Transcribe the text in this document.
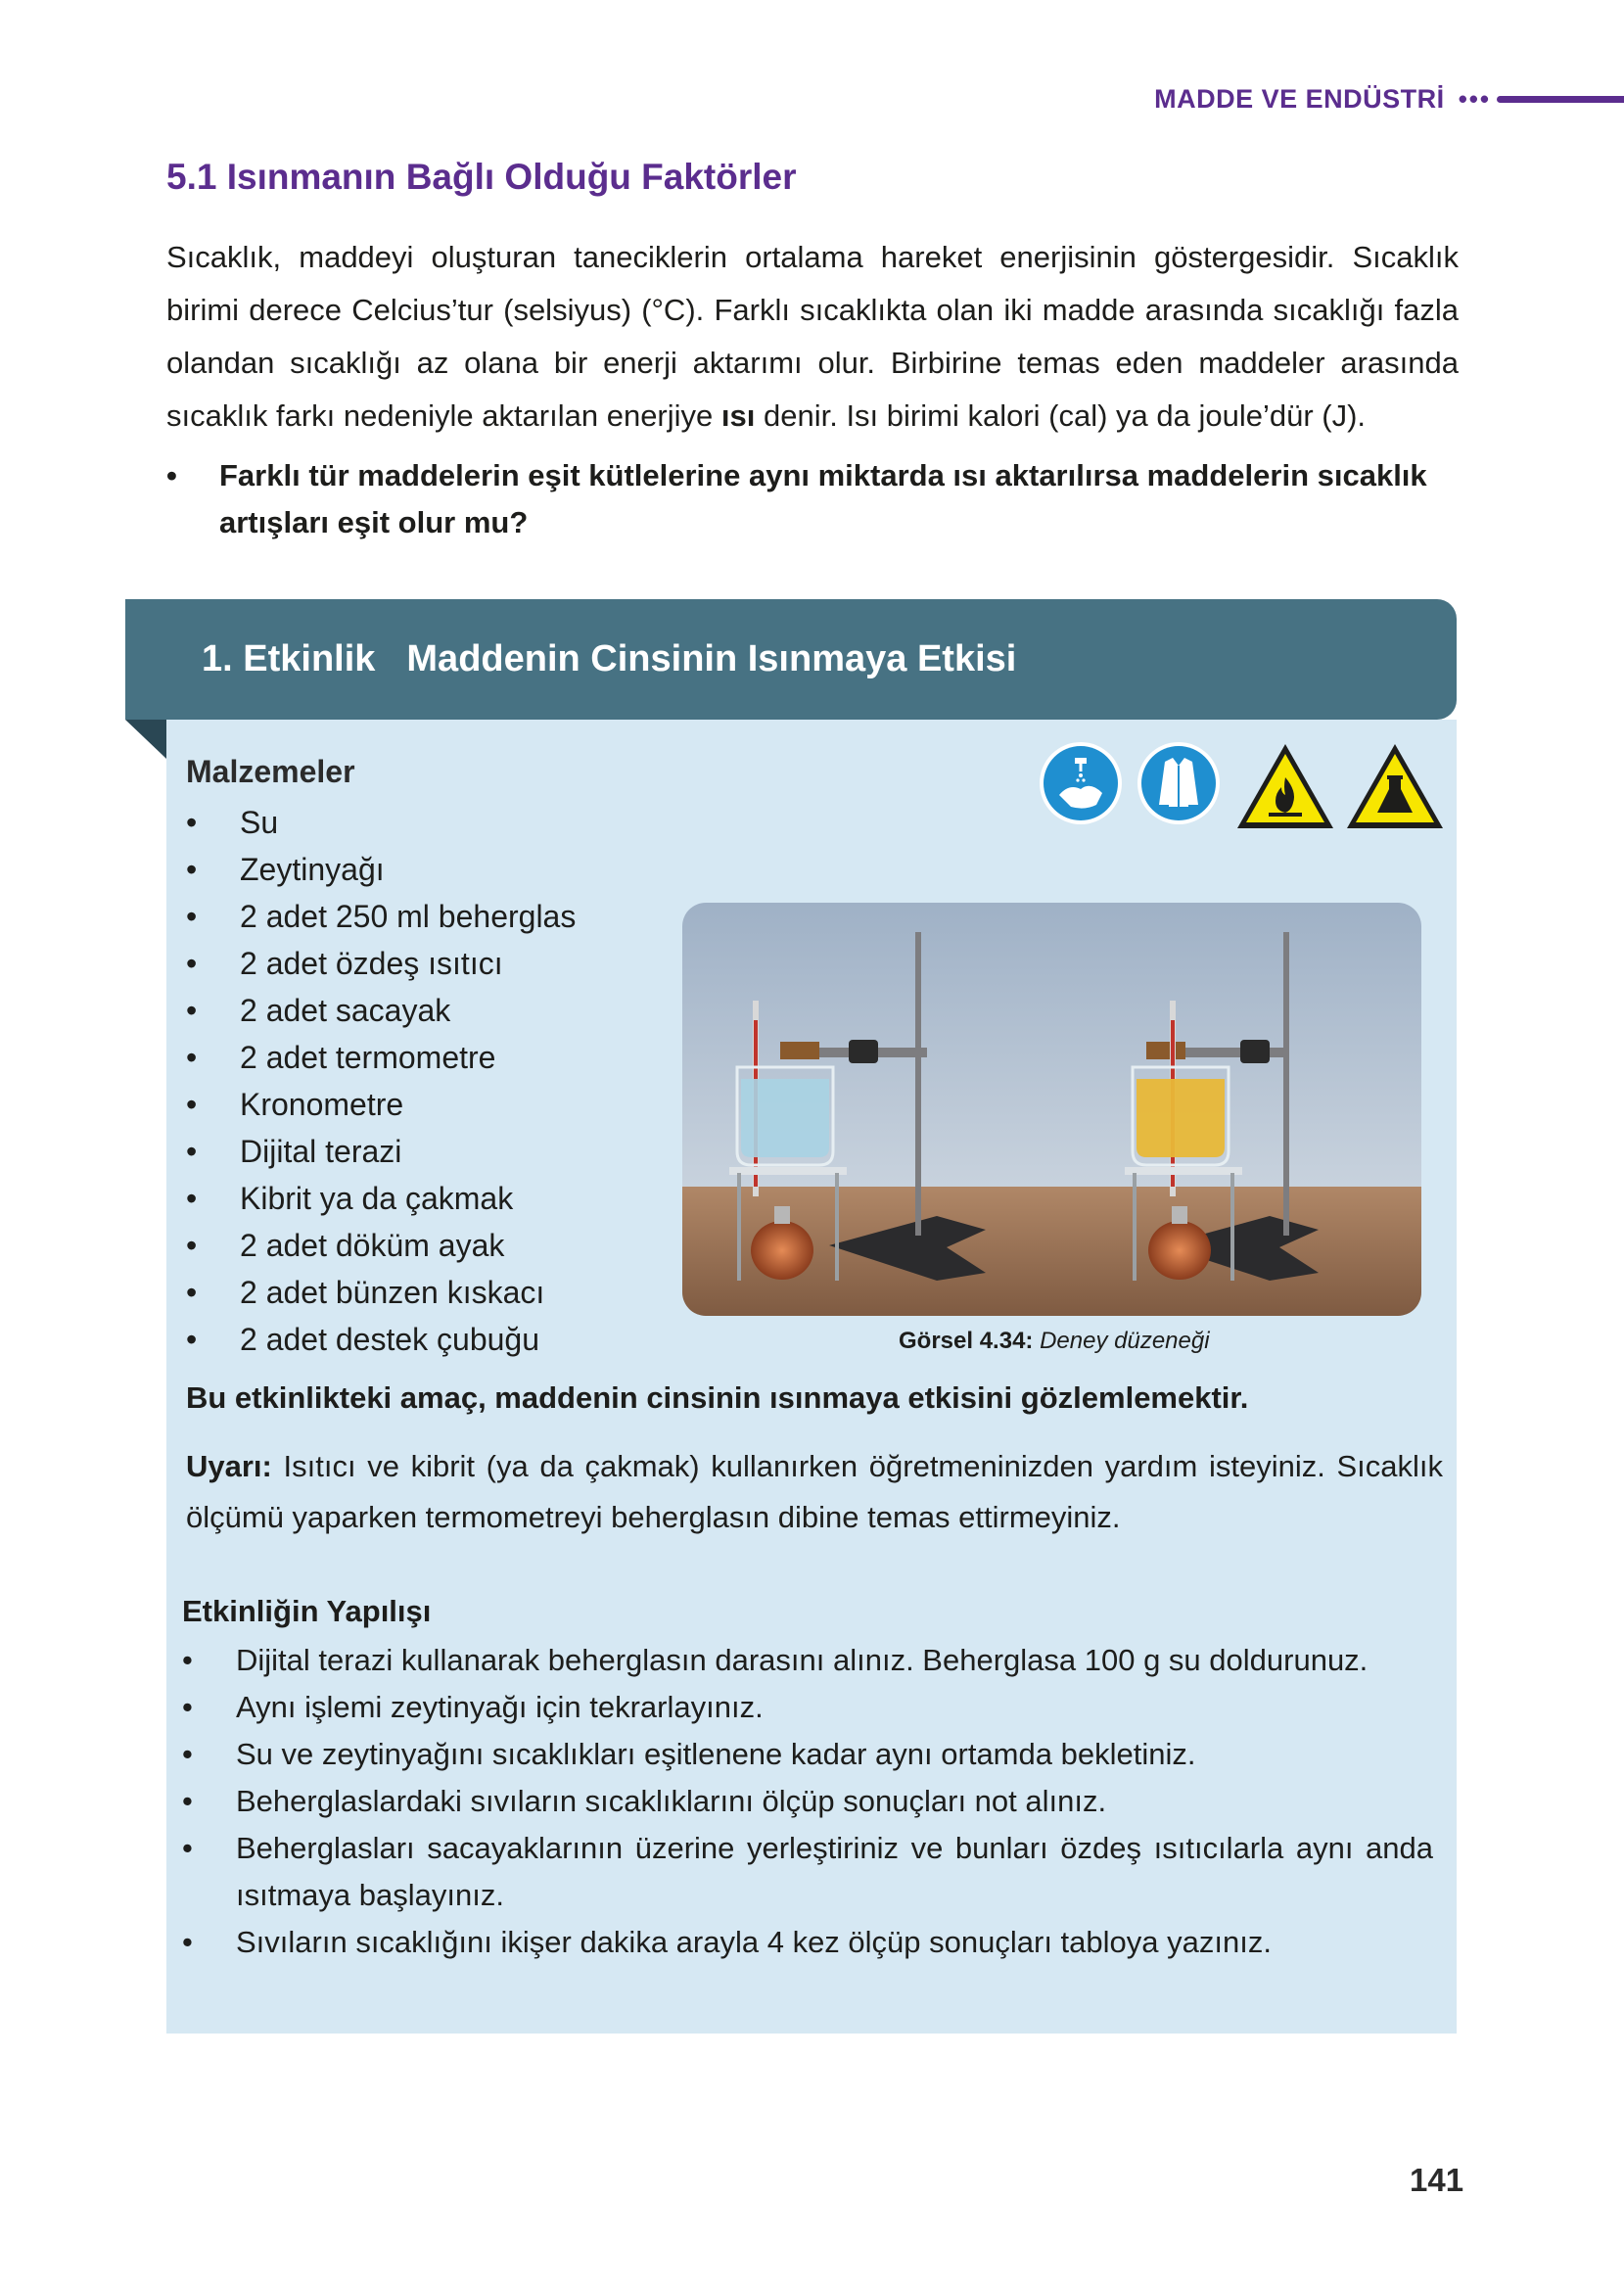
MADDE VE ENDÜSTRİ •••
5.1 Isınmanın Bağlı Olduğu Faktörler

Sıcaklık, maddeyi oluşturan taneciklerin ortalama hareket enerjisinin göstergesidir. Sıcaklık birimi derece Celcius’tur (selsiyus) (°C). Farklı sıcaklıkta olan iki madde arasında sıcaklığı fazla olandan sıcaklığı az olana bir enerji aktarımı olur. Birbirine temas eden maddeler arasında sıcaklık farkı nedeniyle aktarılan enerjiye ısı denir. Isı birimi kalori (cal) ya da joule’dür (J).

•	Farklı tür maddelerin eşit kütlelerine aynı miktarda ısı aktarılırsa maddelerin sıcaklık artışları eşit olur mu?
1. Etkinlik Maddenin Cinsinin Isınmaya Etkisi
Malzemeler
•	Su
•	Zeytinyağı
•	2 adet 250 ml beherglas
•	2 adet özdeş ısıtıcı
•	2 adet sacayak
•	2 adet termometre
•	Kronometre
•	Dijital terazi
•	Kibrit ya da çakmak
•	2 adet döküm ayak
•	2 adet bünzen kıskacı
•	2 adet destek çubuğu	Görsel 4.34: Deney düzeneği
Bu etkinlikteki amaç, maddenin cinsinin ısınmaya etkisini gözlemlemektir.
Uyarı: Isıtıcı ve kibrit (ya da çakmak) kullanırken öğretmeninizden yardım isteyiniz. Sıcaklık ölçümü yaparken termometreyi beherglasın dibine temas ettirmeyiniz.
Etkinliğin Yapılışı
•	Dijital terazi kullanarak beherglasın darasını alınız. Beherglasa 100 g su doldurunuz.
•	Aynı işlemi zeytinyağı için tekrarlayınız.
•	Su ve zeytinyağını sıcaklıkları eşitlenene kadar aynı ortamda bekletiniz.
•	Beherglaslardaki sıvıların sıcaklıklarını ölçüp sonuçları not alınız.
•	Beherglasları sacayaklarının üzerine yerleştiriniz ve bunları özdeş ısıtıcılarla aynı anda ısıtmaya başlayınız.
•	Sıvıların sıcaklığını ikişer dakika arayla 4 kez ölçüp sonuçları tabloya yazınız.
141
